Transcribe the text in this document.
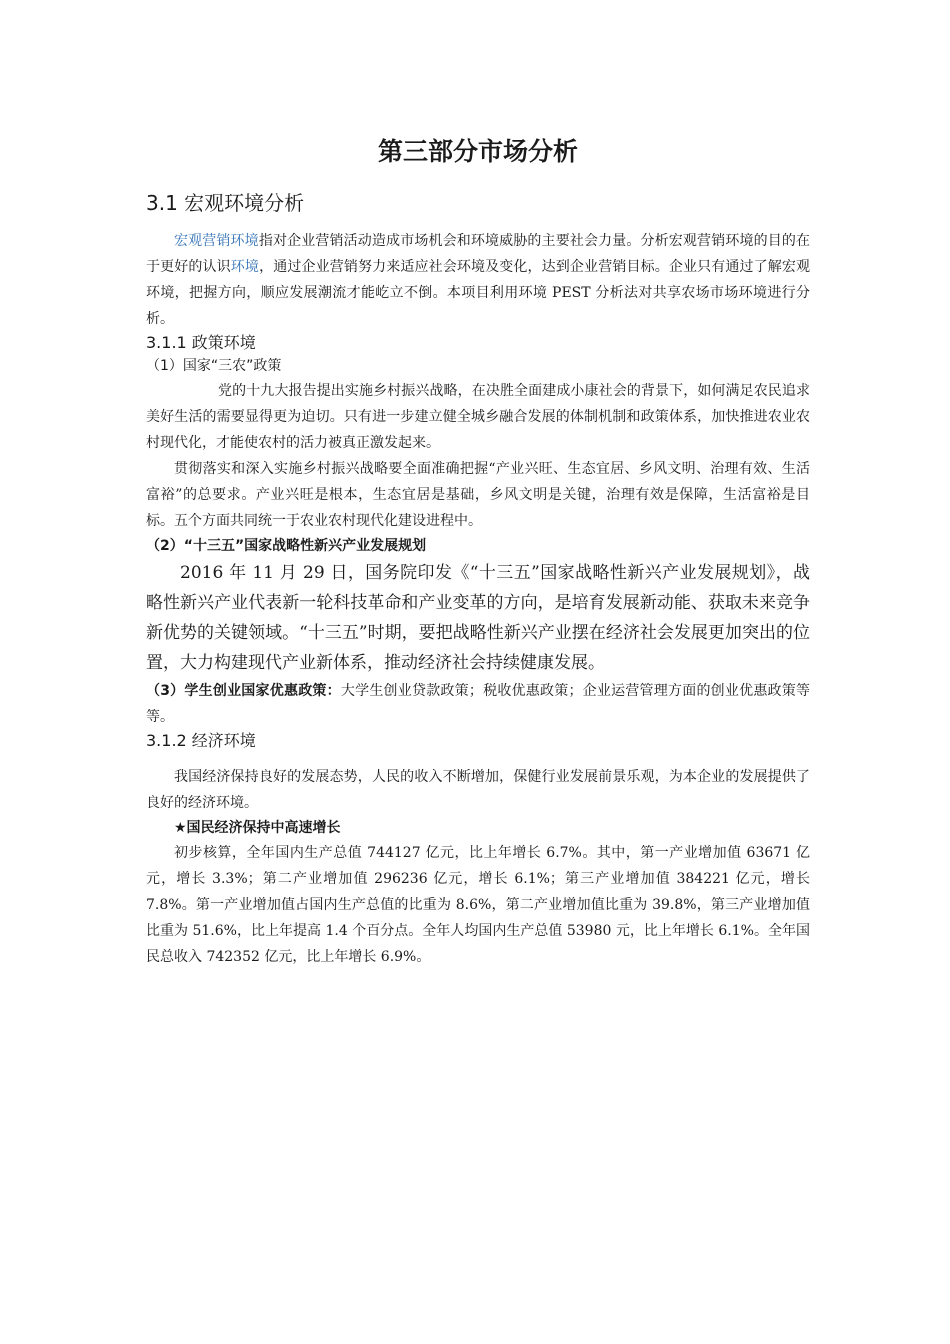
第三部分市场分析
3.1 宏观环境分析

宏观营销环境指对企业营销活动造成市场机会和环境威胁的主要社会力量。分析宏观营销环境的目的在于更好的认识环境，通过企业营销努力来适应社会环境及变化，达到企业营销目标。企业只有通过了解宏观环境，把握方向，顺应发展潮流才能屹立不倒。本项目利用环境 PEST 分析法对共享农场市场环境进行分析。

3.1.1 政策环境
（1）国家“三农”政策

党的十九大报告提出实施乡村振兴战略，在决胜全面建成小康社会的背景下，如何满足农民追求美好生活的需要显得更为迫切。只有进一步建立健全城乡融合发展的体制机制和政策体系，加快推进农业农村现代化，才能使农村的活力被真正激发起来。

贯彻落实和深入实施乡村振兴战略要全面准确把握“产业兴旺、生态宜居、乡风文明、治理有效、生活富裕”的总要求。产业兴旺是根本，生态宜居是基础，乡风文明是关键，治理有效是保障，生活富裕是目标。五个方面共同统一于农业农村现代化建设进程中。

（2）“十三五”国家战略性新兴产业发展规划

2016 年 11 月 29 日，国务院印发《“十三五”国家战略性新兴产业发展规划》，战略性新兴产业代表新一轮科技革命和产业变革的方向，是培育发展新动能、获取未来竞争新优势的关键领域。“十三五”时期，要把战略性新兴产业摆在经济社会发展更加突出的位置，大力构建现代产业新体系，推动经济社会持续健康发展。

（3）学生创业国家优惠政策：大学生创业贷款政策；税收优惠政策；企业运营管理方面的创业优惠政策等等。

3.1.2 经济环境

我国经济保持良好的发展态势，人民的收入不断增加，保健行业发展前景乐观，为本企业的发展提供了良好的经济环境。

★国民经济保持中高速增长

初步核算，全年国内生产总值 744127 亿元，比上年增长 6.7%。其中，第一产业增加值 63671 亿元，增长 3.3%；第二产业增加值 296236 亿元，增长 6.1%；第三产业增加值 384221 亿元，增长 7.8%。第一产业增加值占国内生产总值的比重为 8.6%，第二产业增加值比重为 39.8%，第三产业增加值比重为 51.6%，比上年提高 1.4 个百分点。全年人均国内生产总值 53980 元，比上年增长 6.1%。全年国民总收入 742352 亿元，比上年增长 6.9%。
